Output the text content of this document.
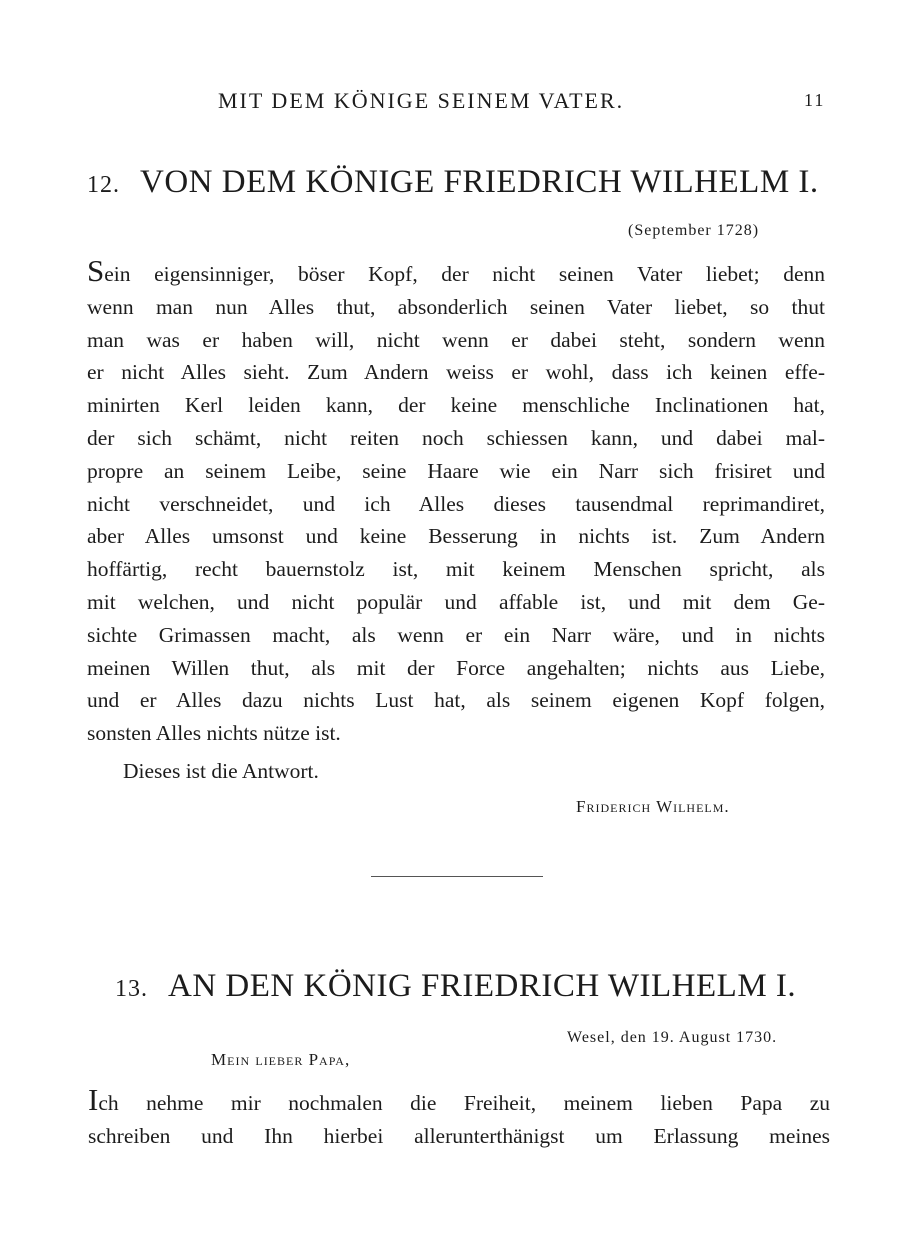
MIT DEM KÖNIGE SEINEM VATER.	11
12. VON DEM KÖNIGE FRIEDRICH WILHELM I.
(September 1728)
Sein eigensinniger, böser Kopf, der nicht seinen Vater liebet; denn
wenn man nun Alles thut, absonderlich seinen Vater liebet, so thut
man was er haben will, nicht wenn er dabei steht, sondern wenn
er nicht Alles sieht. Zum Andern weiss er wohl, dass ich keinen effe-
minirten Kerl leiden kann, der keine menschliche Inclinationen hat,
der sich schämt, nicht reiten noch schiessen kann, und dabei mal-
propre an seinem Leibe, seine Haare wie ein Narr sich frisiret und
nicht verschneidet, und ich Alles dieses tausendmal reprimandiret,
aber Alles umsonst und keine Besserung in nichts ist. Zum Andern
hoffärtig, recht bauernstolz ist, mit keinem Menschen spricht, als
mit welchen, und nicht populär und affable ist, und mit dem Ge-
sichte Grimassen macht, als wenn er ein Narr wäre, und in nichts
meinen Willen thut, als mit der Force angehalten; nichts aus Liebe,
und er Alles dazu nichts Lust hat, als seinem eigenen Kopf folgen,
sonsten Alles nichts nütze ist.
Dieses ist die Antwort.
Friderich Wilhelm.
13. AN DEN KÖNIG FRIEDRICH WILHELM I.
Wesel, den 19. August 1730.
Mein lieber Papa,
Ich nehme mir nochmalen die Freiheit, meinem lieben Papa zu
schreiben und Ihn hierbei allerunterthänigst um Erlassung meines
